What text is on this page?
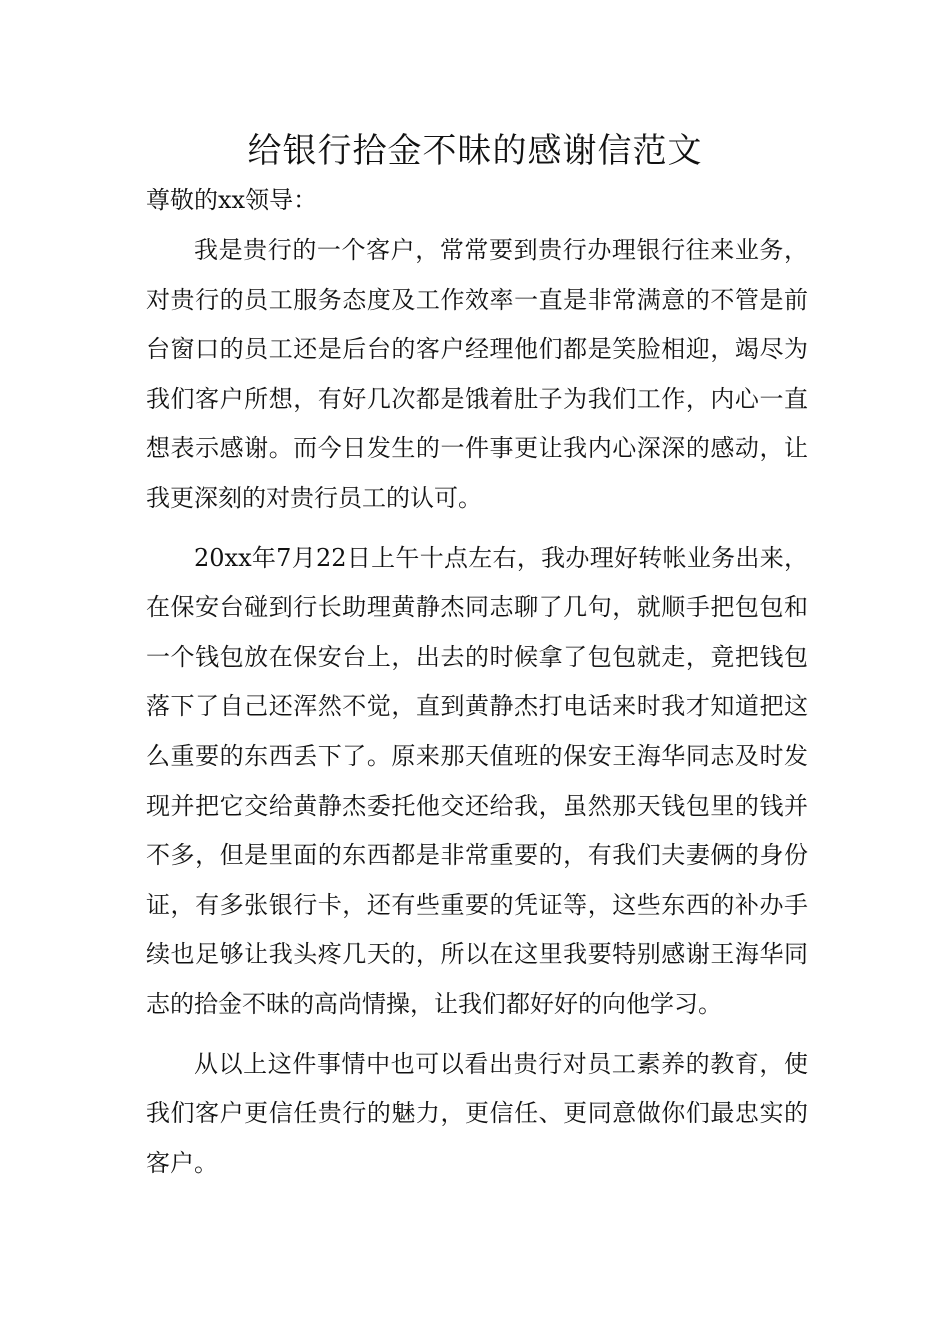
给银行拾金不昧的感谢信范文

尊敬的xx领导：

我是贵行的一个客户，常常要到贵行办理银行往来业务，对贵行的员工服务态度及工作效率一直是非常满意的不管是前台窗口的员工还是后台的客户经理他们都是笑脸相迎，竭尽为我们客户所想，有好几次都是饿着肚子为我们工作，内心一直想表示感谢。而今日发生的一件事更让我内心深深的感动，让我更深刻的对贵行员工的认可。

20xx年7月22日上午十点左右，我办理好转帐业务出来，在保安台碰到行长助理黄静杰同志聊了几句，就顺手把包包和一个钱包放在保安台上，出去的时候拿了包包就走，竟把钱包落下了自己还浑然不觉，直到黄静杰打电话来时我才知道把这么重要的东西丢下了。原来那天值班的保安王海华同志及时发现并把它交给黄静杰委托他交还给我，虽然那天钱包里的钱并不多，但是里面的东西都是非常重要的，有我们夫妻俩的身份证，有多张银行卡，还有些重要的凭证等，这些东西的补办手续也足够让我头疼几天的，所以在这里我要特别感谢王海华同志的拾金不昧的高尚情操，让我们都好好的向他学习。

从以上这件事情中也可以看出贵行对员工素养的教育，使我们客户更信任贵行的魅力，更信任、更同意做你们最忠实的客户。
